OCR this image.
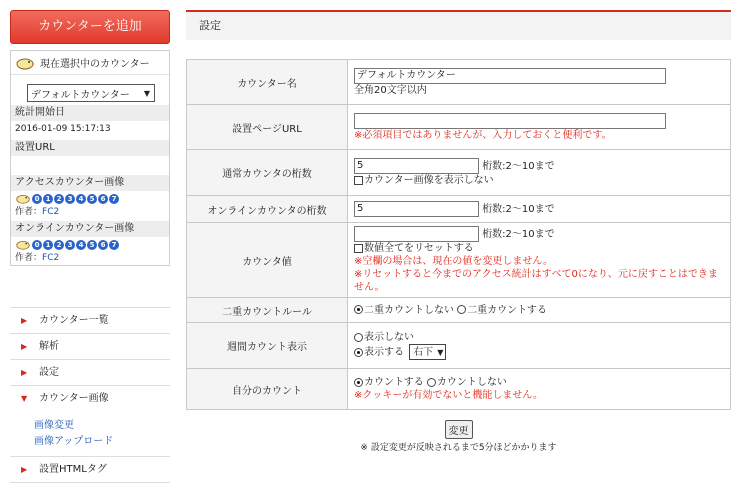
カウンターを追加
現在選択中のカウンター
デフォルトカウンター ▼
統計開始日
2016-01-09 15:17:13
設置URL
アクセスカウンター画像
0 1 2 3 4 5 6 7
作者：FC2
オンラインカウンター画像
0 1 2 3 4 5 6 7
作者：FC2
▶ カウンター一覧
▶ 解析
▶ 設定
▼ カウンター画像
画像変更
画像アップロード
▶ 設置HTMLタグ
設定
カウンター名	デフォルトカウンター
全角20文字以内
設置ページURL	※必須項目ではありませんが、入力しておくと便利です。
通常カウンタの桁数	5 桁数:2～10まで
カウンター画像を表示しない
オンラインカウンタの桁数	5 桁数:2～10まで
カウンタ値	桁数:2～10まで
数値全てをリセットする
※空欄の場合は、現在の値を変更しません。
※リセットすると今までのアクセス統計はすべて0になり、元に戻すことはできません。
二重カウントルール	二重カウントしない 二重カウントする
週間カウント表示	表示しない
表示する 右下 ▼

自分のカウント	カウントする カウントしない
※クッキーが有効でないと機能しません。
変更
※ 設定変更が反映されるまで5分ほどかかります
